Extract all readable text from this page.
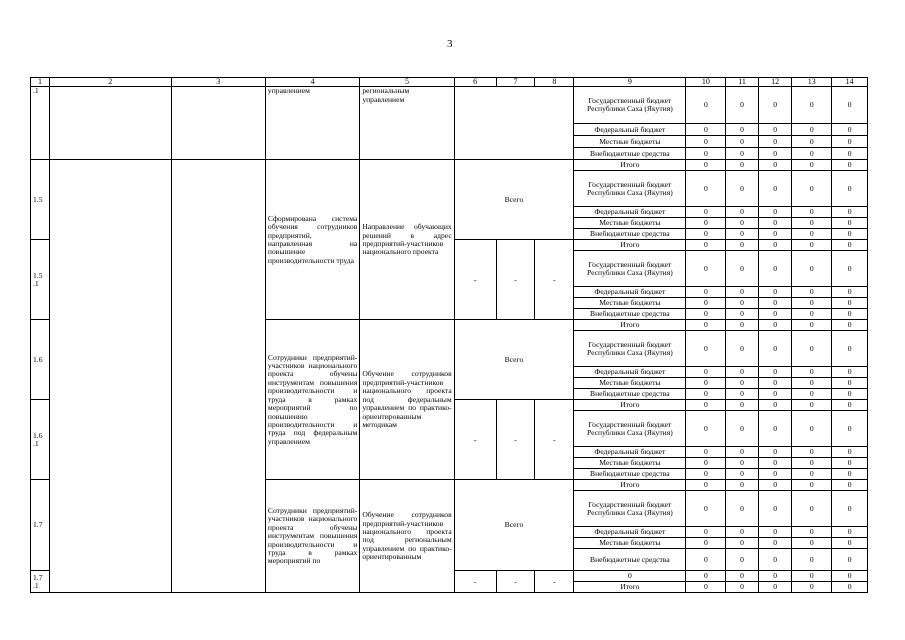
3
1	2	3	4	5	6	7	8	9	10	11	12	13	14
.1			управлением	региональным управлением				Государственный бюджет Республики Саха (Якутия)	0	0	0	0	0
								Федеральный бюджет	0	0	0	0	0
								Местные бюджеты	0	0	0	0	0
								Внебюджетные средства	0	0	0	0	0
1.5			Сформирована система обучения сотрудников предприятий, направленная на повышение производительности труда	Направление обучающих решений в адрес предприятий-участников национального проекта	Всего			Итого	0	0	0	0	0
								Государственный бюджет Республики Саха (Якутия)	0	0	0	0	0
								Федеральный бюджет	0	0	0	0	0
								Местные бюджеты	0	0	0	0	0
								Внебюджетные средства	0	0	0	0	0
1.5 .1					-	-	-	Итого	0	0	0	0	0
								Государственный бюджет Республики Саха (Якутия)	0	0	0	0	0
								Федеральный бюджет	0	0	0	0	0
								Местные бюджеты	0	0	0	0	0
								Внебюджетные средства	0	0	0	0	0
1.6			Сотрудники предприятий-участников национального проекта обучены инструментам повышения производительности и труда в рамках мероприятий по повышению производительности и труда под федеральным управлением	Обучение сотрудников предприятий-участников национального проекта под федеральным управлением по практико-ориентированным методикам	Всего			Итого	0	0	0	0	0
								Государственный бюджет Республики Саха (Якутия)	0	0	0	0	0
								Федеральный бюджет	0	0	0	0	0
								Местные бюджеты	0	0	0	0	0
								Внебюджетные средства	0	0	0	0	0
1.6 .1					-	-	-	Итого	0	0	0	0	0
								Государственный бюджет Республики Саха (Якутия)	0	0	0	0	0
								Федеральный бюджет	0	0	0	0	0
								Местные бюджеты	0	0	0	0	0
								Внебюджетные средства	0	0	0	0	0
1.7			Сотрудники предприятий-участников национального проекта обучены инструментам повышения производительности и труда в рамках мероприятий по	Обучение сотрудников предприятий-участников национального проекта под региональным управлением по практико-ориентированным	Всего			Итого	0	0	0	0	0
								Государственный бюджет Республики Саха (Якутия)	0	0	0	0	0
								Федеральный бюджет	0	0	0	0	0
								Местные бюджеты	0	0	0	0	0
								Внебюджетные средства	0	0	0	0	0
1.7 .1					-	-	-	0	0	0	0	0	0
								Итого	0	0	0	0	0
